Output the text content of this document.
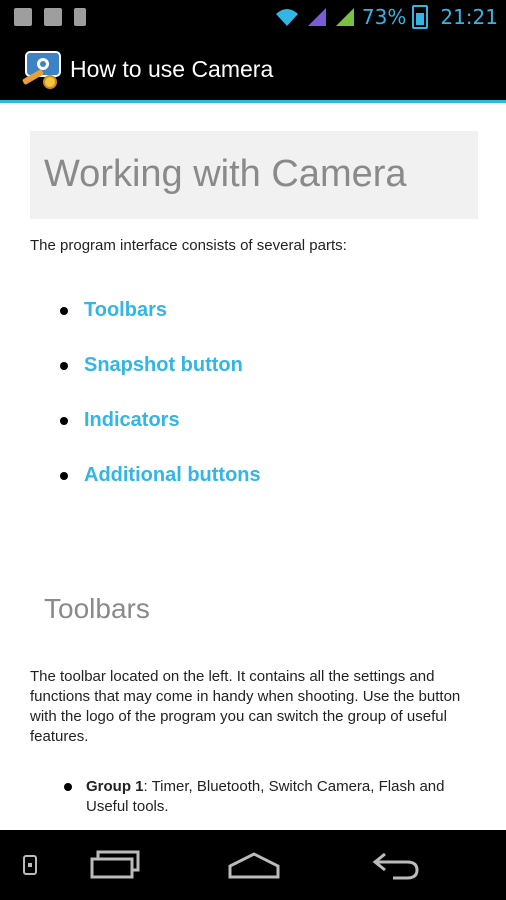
73% 21:21
How to use Camera
Working with Camera
The program interface consists of several parts:
Toolbars
Snapshot button
Indicators
Additional buttons
Toolbars
The toolbar located on the left. It contains all the settings and functions that may come in handy when shooting. Use the button with the logo of the program you can switch the group of useful features.
Group 1: Timer, Bluetooth, Switch Camera, Flash and Useful tools.
